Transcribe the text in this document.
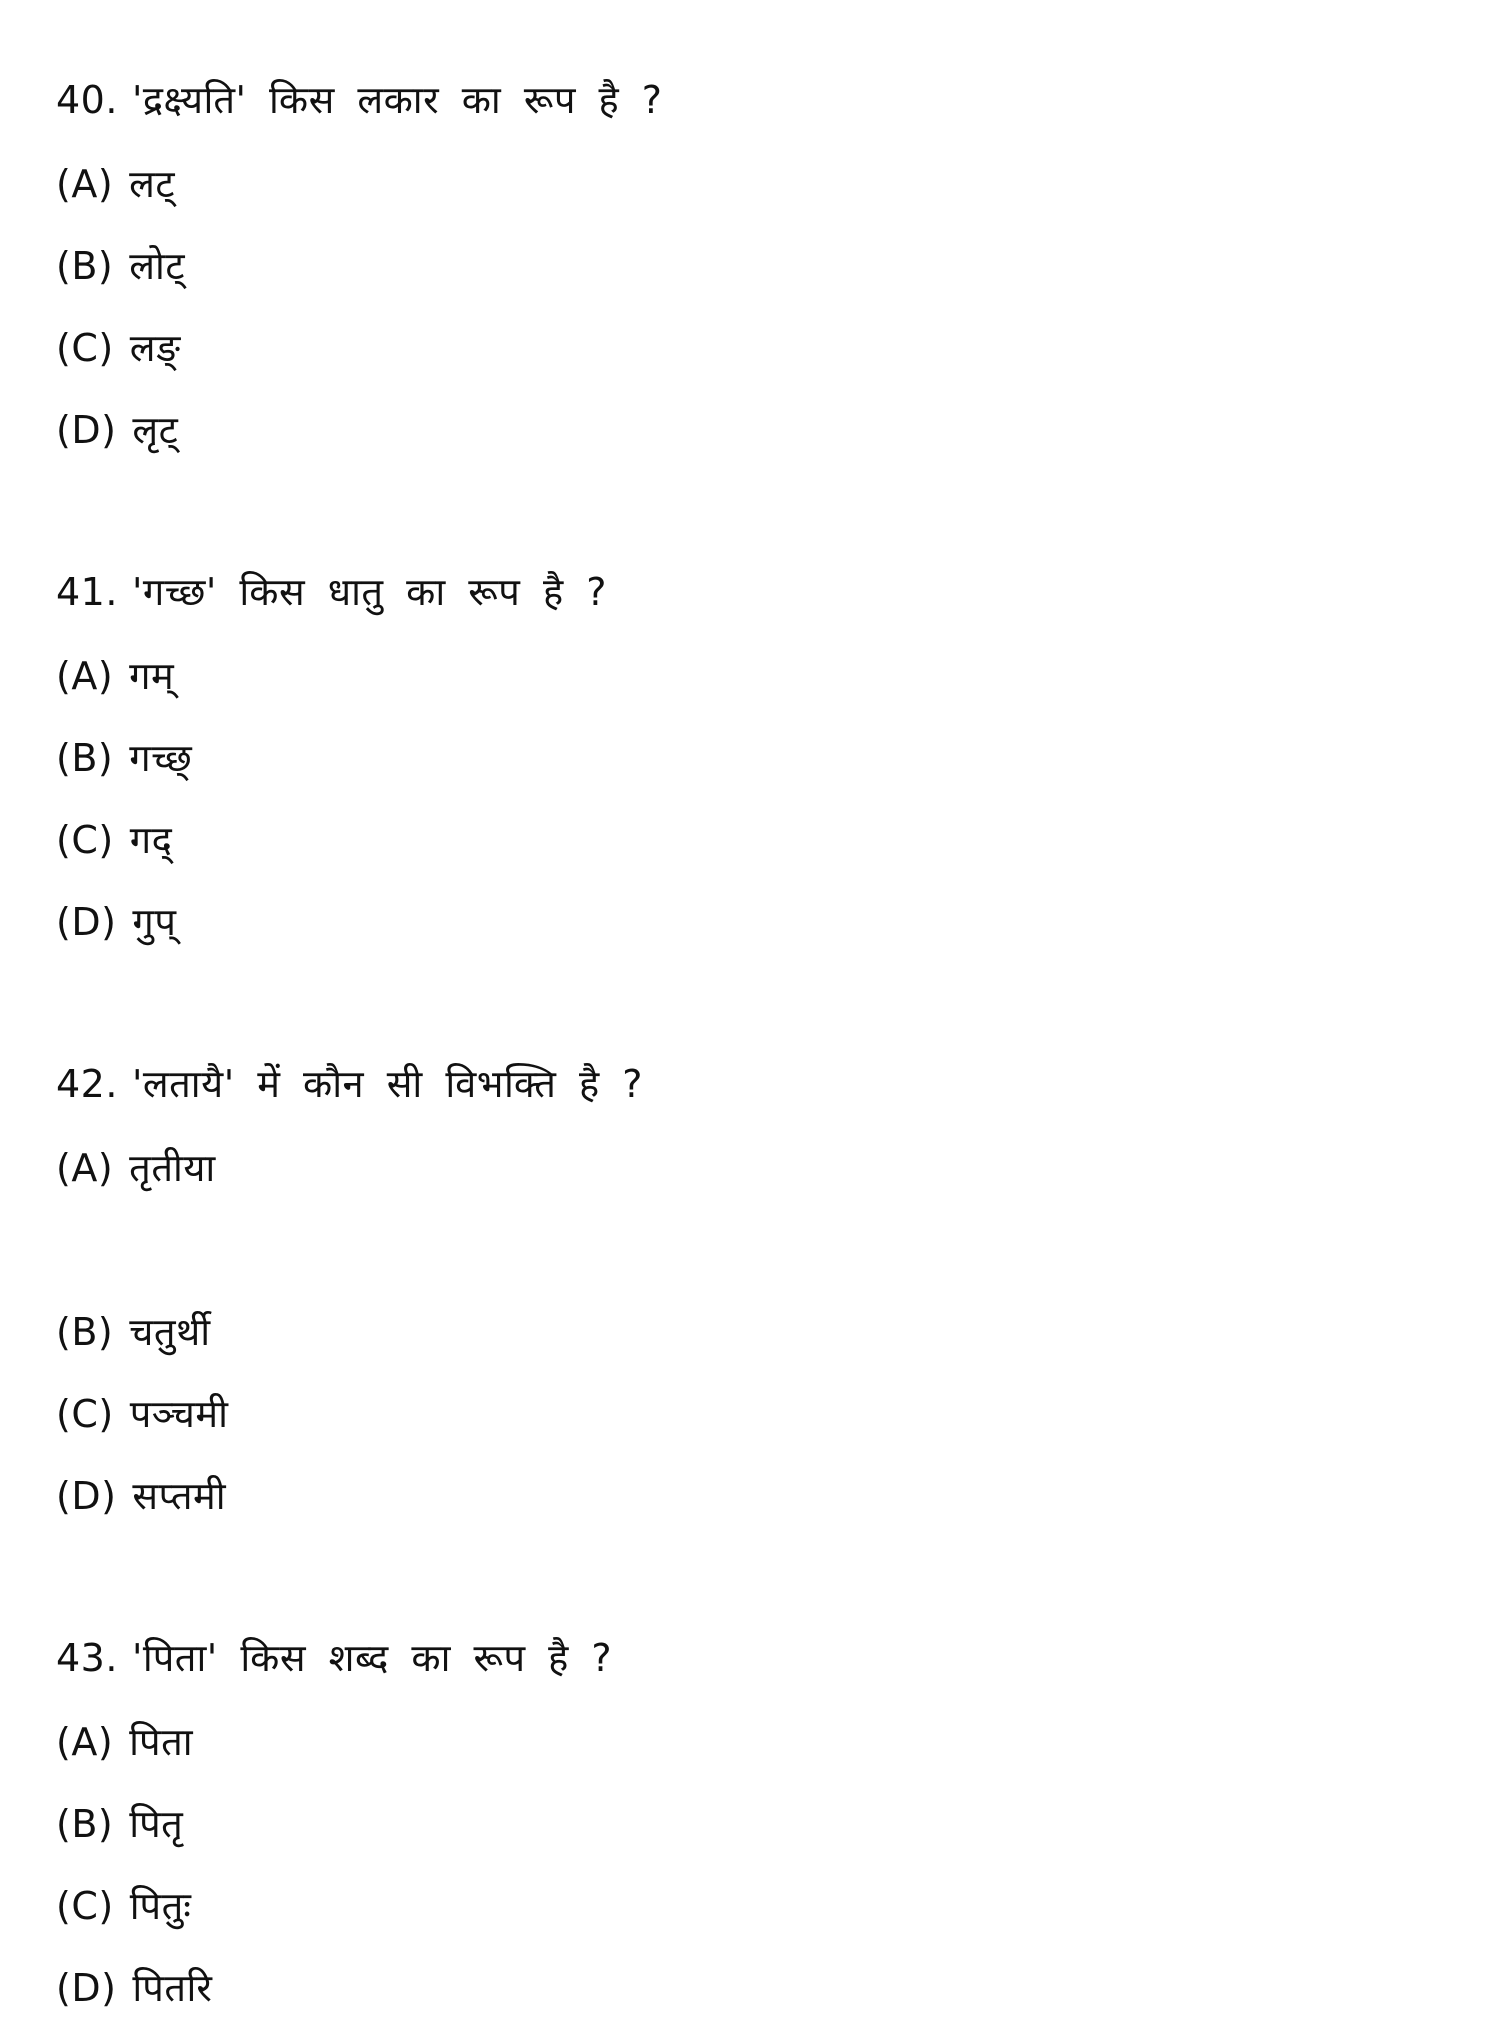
40. 'द्रक्ष्यति' किस लकार का रूप है ?
(A) लट्
(B) लोट्
(C) लङ्
(D) लृट्
41. 'गच्छ' किस धातु का रूप है ?
(A) गम्
(B) गच्छ्
(C) गद्
(D) गुप्
42. 'लतायै' में कौन सी विभक्ति है ?
(A) तृतीया
(B) चतुर्थी
(C) पञ्चमी
(D) सप्तमी
43. 'पिता' किस शब्द का रूप है ?
(A) पिता
(B) पितृ
(C) पितुः
(D) पितरि
